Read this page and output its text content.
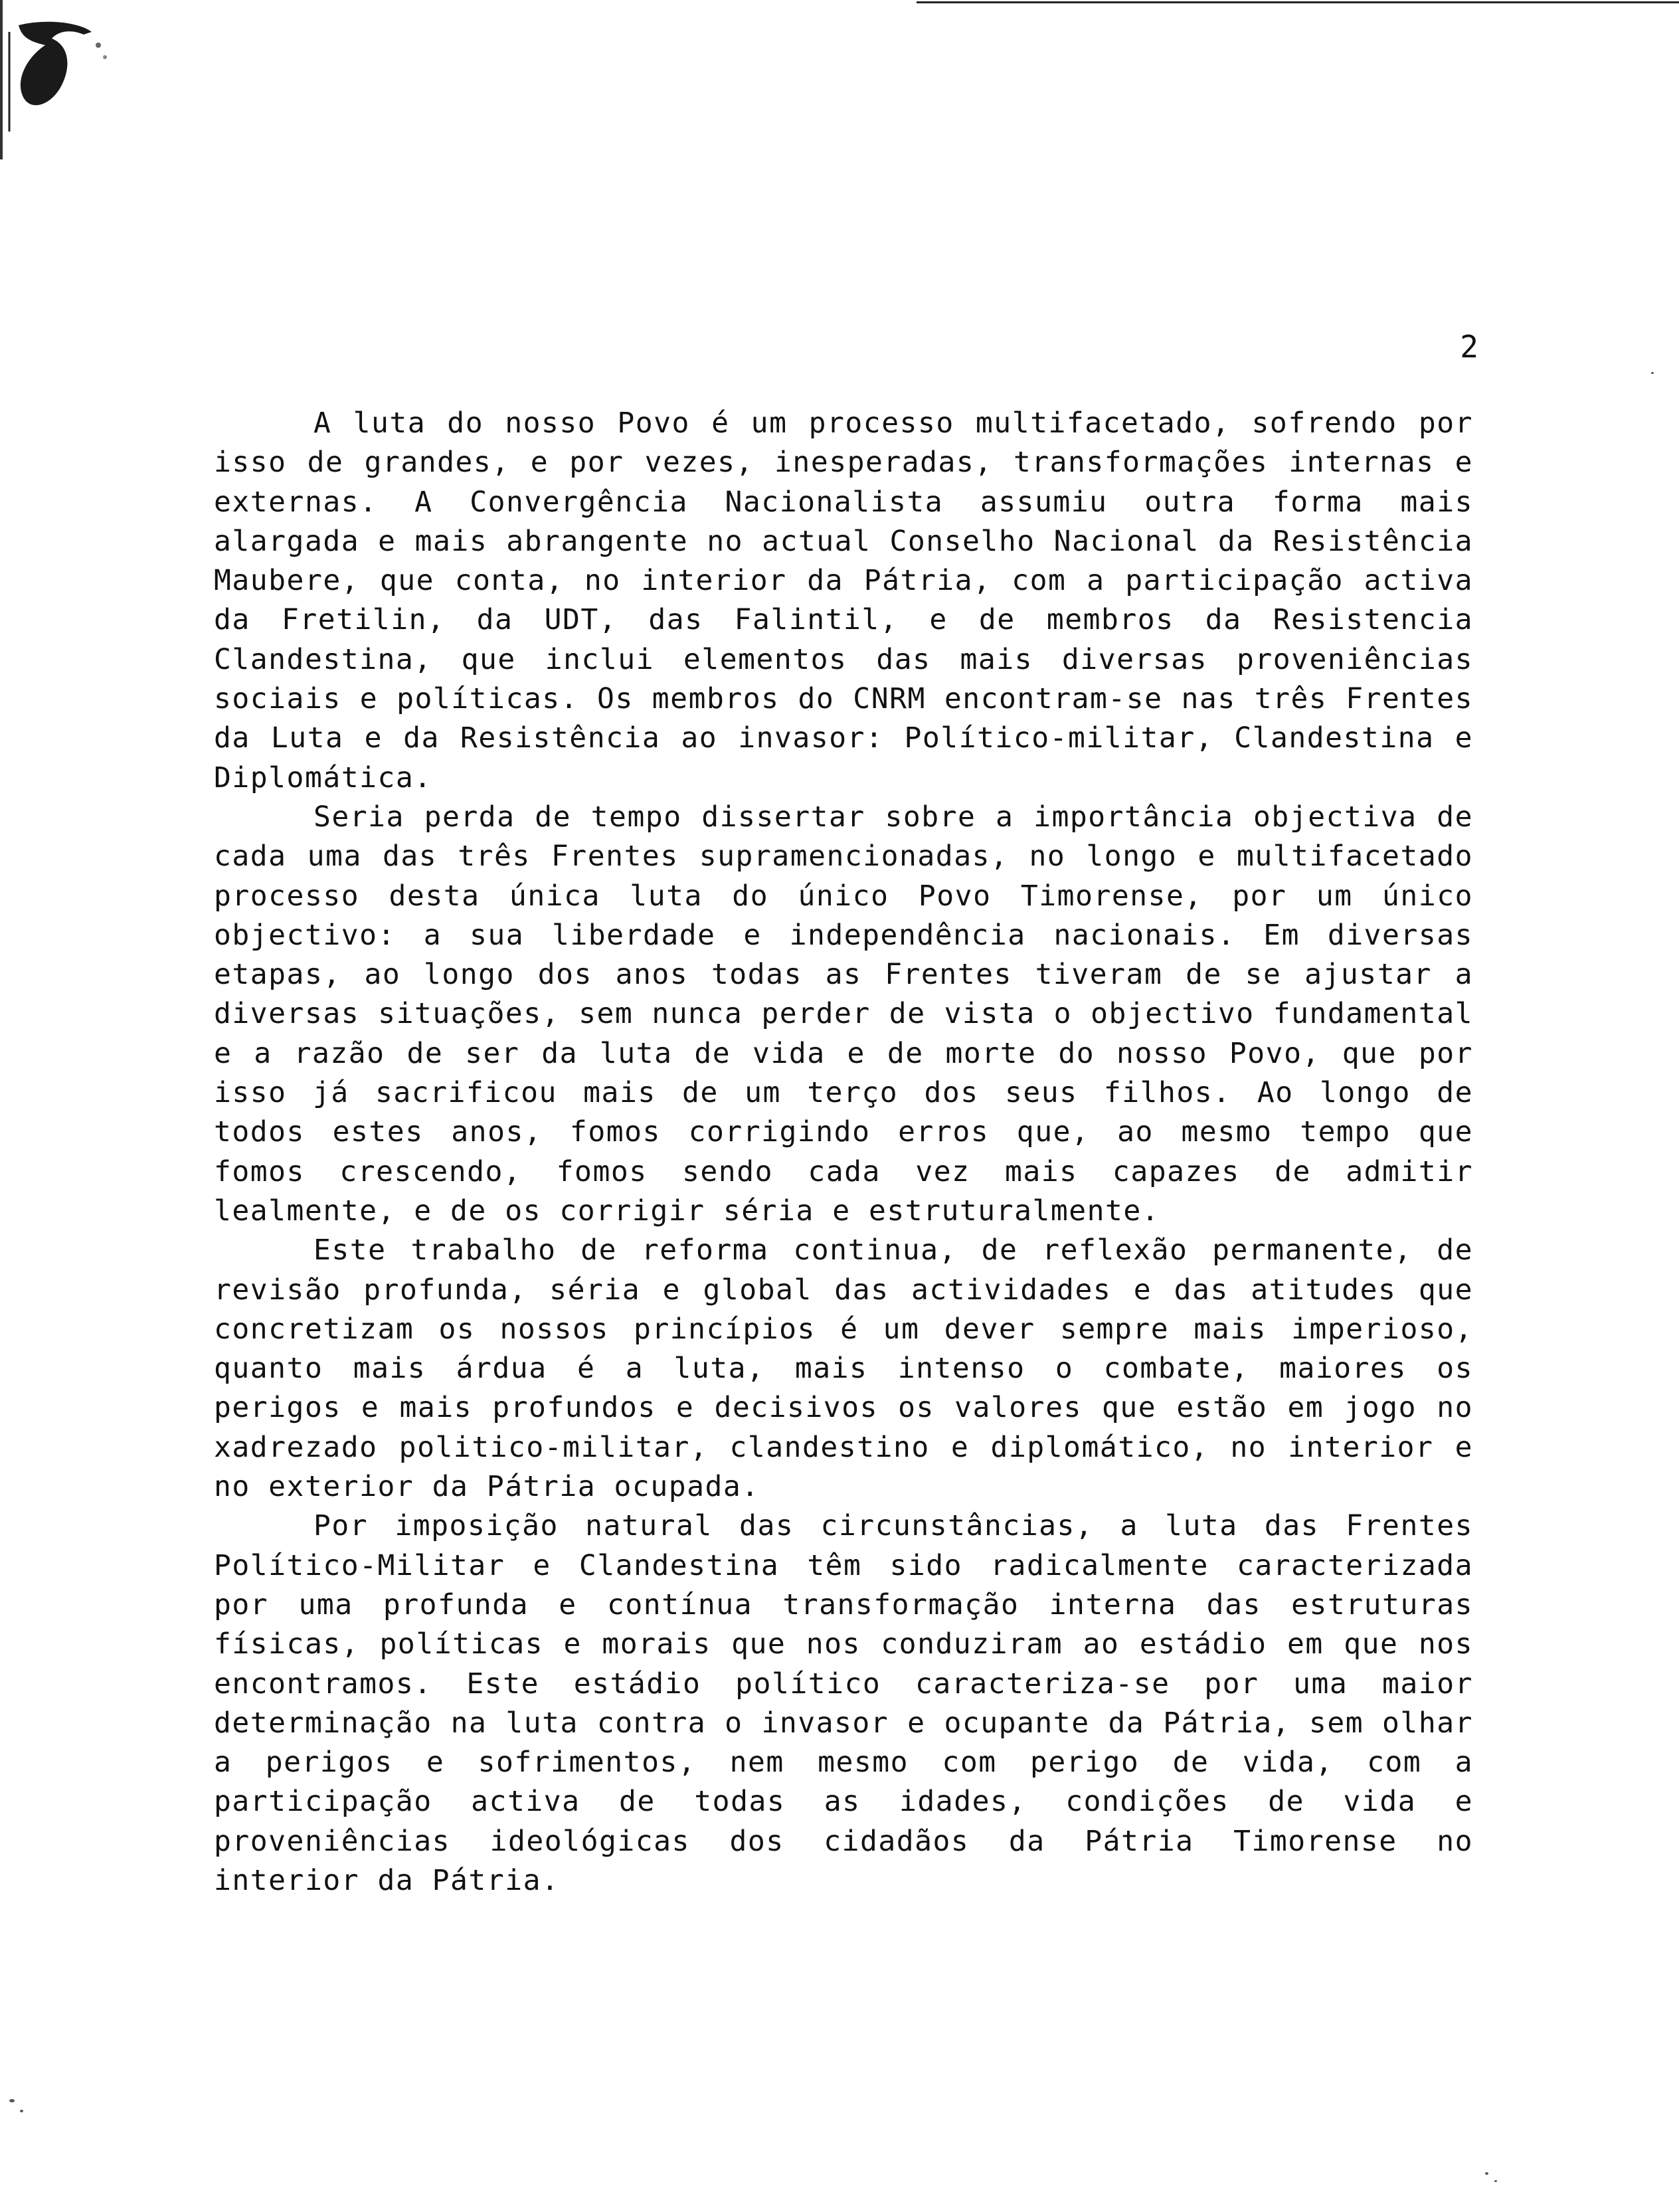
2

A luta do nosso Povo é um processo multifacetado, sofrendo por isso de grandes, e por vezes, inesperadas, transformações internas e externas. A Convergência Nacionalista assumiu outra forma mais alargada e mais abrangente no actual Conselho Nacional da Resistência Maubere, que conta, no interior da Pátria, com a participação activa da Fretilin, da UDT, das Falintil, e de membros da Resistencia Clandestina, que inclui elementos das mais diversas proveniências sociais e políticas. Os membros do CNRM encontram-se nas três Frentes da Luta e da Resistência ao invasor: Político-militar, Clandestina e Diplomática.

Seria perda de tempo dissertar sobre a importância objectiva de cada uma das três Frentes supramencionadas, no longo e multifacetado processo desta única luta do único Povo Timorense, por um único objectivo: a sua liberdade e independência nacionais. Em diversas etapas, ao longo dos anos todas as Frentes tiveram de se ajustar a diversas situações, sem nunca perder de vista o objectivo fundamental e a razão de ser da luta de vida e de morte do nosso Povo, que por isso já sacrificou mais de um terço dos seus filhos. Ao longo de todos estes anos, fomos corrigindo erros que, ao mesmo tempo que fomos crescendo, fomos sendo cada vez mais capazes de admitir lealmente, e de os corrigir séria e estruturalmente.

Este trabalho de reforma continua, de reflexão permanente, de revisão profunda, séria e global das actividades e das atitudes que concretizam os nossos princípios é um dever sempre mais imperioso, quanto mais árdua é a luta, mais intenso o combate, maiores os perigos e mais profundos e decisivos os valores que estão em jogo no xadrezado politico-militar, clandestino e diplomático, no interior e no exterior da Pátria ocupada.

Por imposição natural das circunstâncias, a luta das Frentes Político-Militar e Clandestina têm sido radicalmente caracterizada por uma profunda e contínua transformação interna das estruturas físicas, políticas e morais que nos conduziram ao estádio em que nos encontramos. Este estádio político caracteriza-se por uma maior determinação na luta contra o invasor e ocupante da Pátria, sem olhar a perigos e sofrimentos, nem mesmo com perigo de vida, com a participação activa de todas as idades, condições de vida e proveniências ideológicas dos cidadãos da Pátria Timorense no interior da Pátria.
